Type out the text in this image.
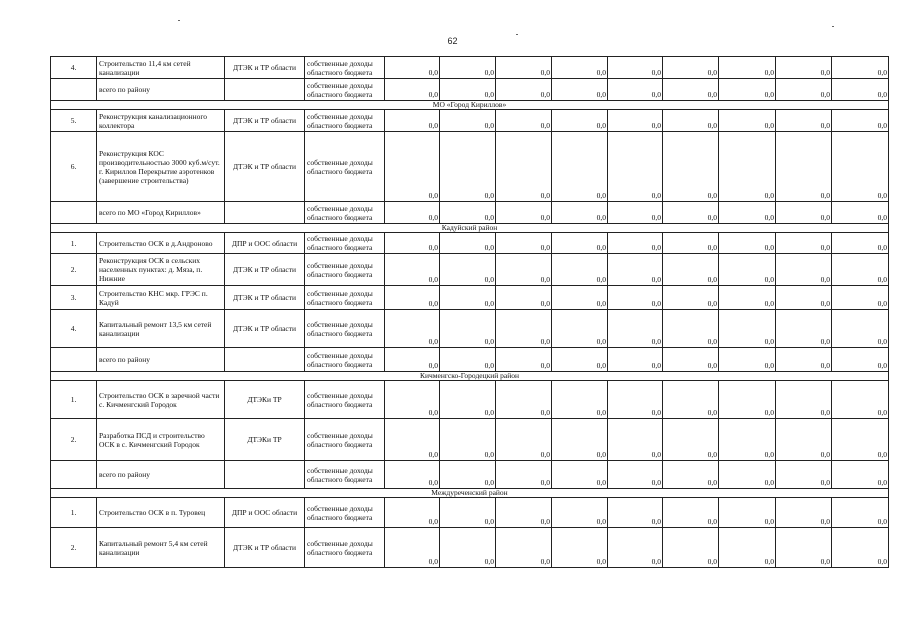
62
4.	Строительство 11,4 км сетей канализации	ДТЭК и ТР области	собственные доходы областного бюджета	0,0	0,0	0,0	0,0	0,0	0,0	0,0	0,0	0,0
	всего по району		собственные доходы областного бюджета	0,0	0,0	0,0	0,0	0,0	0,0	0,0	0,0	0,0
МО «Город Кириллов»												
5.	Реконструкция канализационного коллектора	ДТЭК и ТР области	собственные доходы областного бюджета	0,0	0,0	0,0	0,0	0,0	0,0	0,0	0,0	0,0
6.	Реконструкция КОС производительностью 3000 куб.м/сут. г. Кириллов Перекрытие аэротенков (завершение строительства)	ДТЭК и ТР области	собственные доходы областного бюджета	0,0	0,0	0,0	0,0	0,0	0,0	0,0	0,0	0,0
	всего по МО «Город Кириллов»		собственные доходы областного бюджета	0,0	0,0	0,0	0,0	0,0	0,0	0,0	0,0	0,0
Кадуйский район												
1.	Строительство ОСК в д.Андроново	ДПР и ООС области	собственные доходы областного бюджета	0,0	0,0	0,0	0,0	0,0	0,0	0,0	0,0	0,0
2.	Реконструкция ОСК в сельских населенных пунктах: д. Мяза, п. Нижние	ДТЭК и ТР области	собственные доходы областного бюджета	0,0	0,0	0,0	0,0	0,0	0,0	0,0	0,0	0,0
3.	Строительство КНС мкр. ГРЭС п. Кадуй	ДТЭК и ТР области	собственные доходы областного бюджета	0,0	0,0	0,0	0,0	0,0	0,0	0,0	0,0	0,0
4.	Капитальный ремонт 13,5 км сетей канализации	ДТЭК и ТР области	собственные доходы областного бюджета	0,0	0,0	0,0	0,0	0,0	0,0	0,0	0,0	0,0
	всего по району		собственные доходы областного бюджета	0,0	0,0	0,0	0,0	0,0	0,0	0,0	0,0	0,0
Кичменгско-Городецкий район												
1.	Строительство ОСК в заречной части с. Кичменгский Городок	ДТЭКи ТР	собственные доходы областного бюджета	0,0	0,0	0,0	0,0	0,0	0,0	0,0	0,0	0,0
2.	Разработка ПСД и строительство ОСК в с. Кичменгский Городок	ДТЭКи ТР	собственные доходы областного бюджета	0,0	0,0	0,0	0,0	0,0	0,0	0,0	0,0	0,0
	всего по району		собственные доходы областного бюджета	0,0	0,0	0,0	0,0	0,0	0,0	0,0	0,0	0,0
Междуреченский район												
1.	Строительство ОСК в п. Туровец	ДПР и ООС области	собственные доходы областного бюджета	0,0	0,0	0,0	0,0	0,0	0,0	0,0	0,0	0,0
2.	Капитальный ремонт 5,4 км сетей канализации	ДТЭК и ТР области	собственные доходы областного бюджета	0,0	0,0	0,0	0,0	0,0	0,0	0,0	0,0	0,0
